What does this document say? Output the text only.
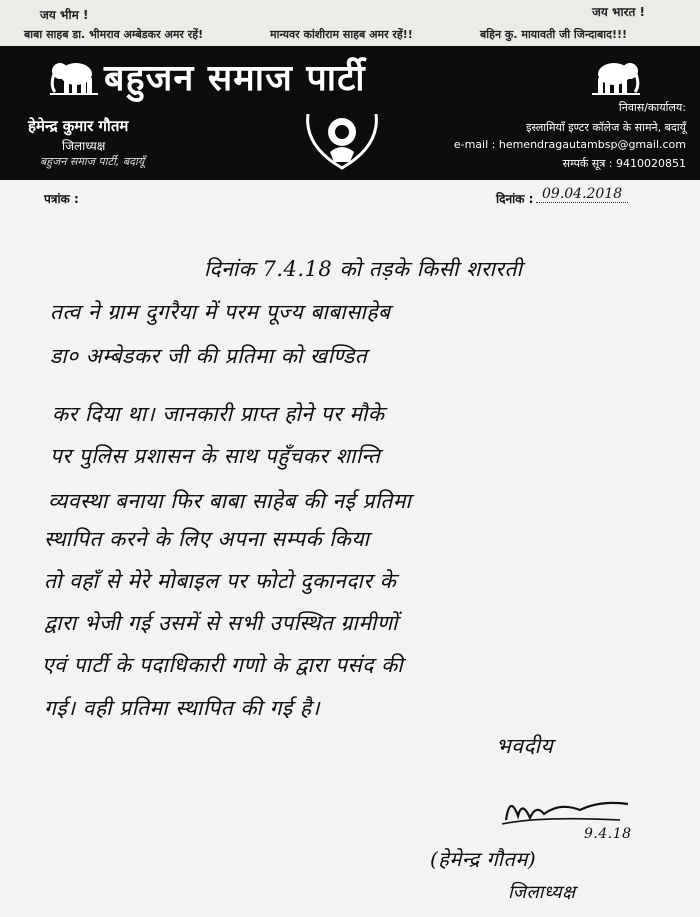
जय भीम !
बाबा साहब डा. भीमराव अम्बेडकर अमर रहें!	मान्यवर कांशीराम साहब अमर रहें!!
जय भारत !
बहिन कु. मायावती जी जिन्दाबाद!!!
बहुजन समाज पार्टी
हेमेन्द्र कुमार गौतम
जिलाध्यक्ष
बहुजन समाज पार्टी, बदायूँ
निवास/कार्यालय:
इस्लामियाँ इण्टर कॉलेज के सामने, बदायूँ
e-mail : hemendragautambsp@gmail.com
सम्पर्क सूत्र : 9410020851
पत्रांक :	दिनांक : 09.04.2018
दिनांक 7.4.18 को तड़के किसी शरारती
तत्व ने ग्राम दुगरैया में परम पूज्य बाबासाहेब
डा० अम्बेडकर जी की प्रतिमा को खण्डित
कर दिया था। जानकारी प्राप्त होने पर मौके
पर पुलिस प्रशासन के साथ पहुँचकर शान्ति
व्यवस्था बनाया फिर बाबा साहेब की नई प्रतिमा
स्थापित करने के लिए अपना सम्पर्क किया
तो वहाँ से मेरे मोबाइल पर फोटो दुकानदार के
द्वारा भेजी गई उसमें से सभी उपस्थित ग्रामीणों
एवं पार्टी के पदाधिकारी गणो के द्वारा पसंद की
गई। वही प्रतिमा स्थापित की गई है।
भवदीय
9.4.18
(हेमेन्द्र गौतम)
जिलाध्यक्ष
